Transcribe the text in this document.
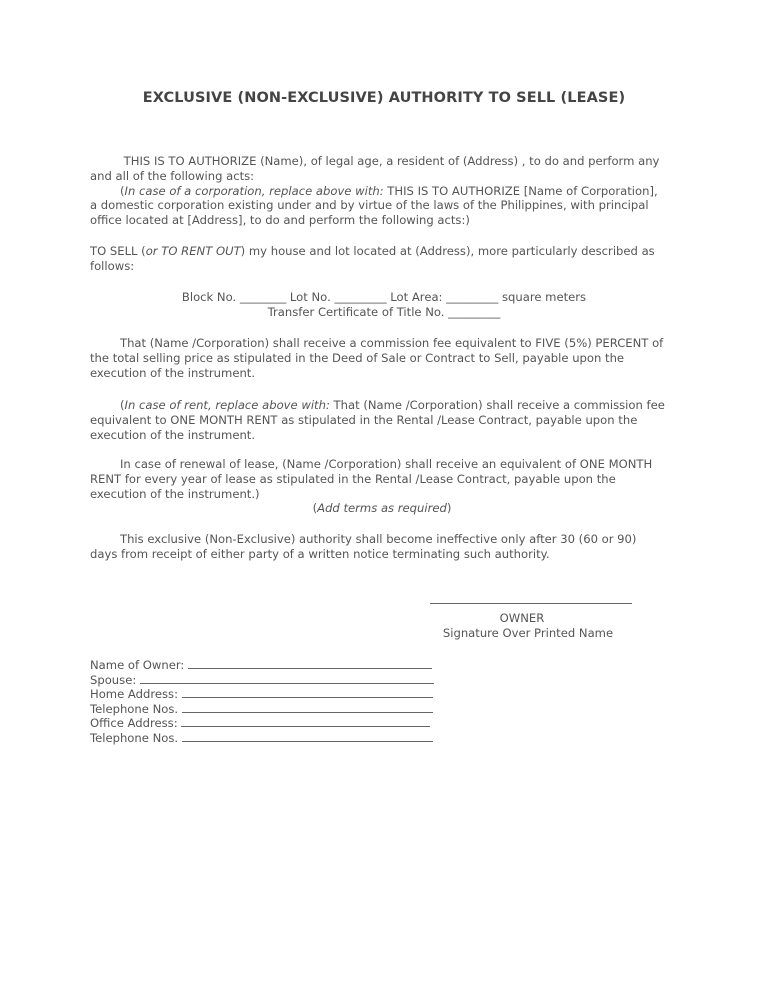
EXCLUSIVE (NON-EXCLUSIVE) AUTHORITY TO SELL (LEASE)

THIS IS TO AUTHORIZE (Name), of legal age, a resident of (Address) , to do and perform any

and all of the following acts:

(In case of a corporation, replace above with: THIS IS TO AUTHORIZE [Name of Corporation],

a domestic corporation existing under and by virtue of the laws of the Philippines, with principal

office located at [Address], to do and perform the following acts:)

TO SELL (or TO RENT OUT) my house and lot located at (Address), more particularly described as

follows:

Block No. ________ Lot No. _________ Lot Area: _________ square meters

Transfer Certificate of Title No. _________

That (Name /Corporation) shall receive a commission fee equivalent to FIVE (5%) PERCENT of

the total selling price as stipulated in the Deed of Sale or Contract to Sell, payable upon the

execution of the instrument.

(In case of rent, replace above with: That (Name /Corporation) shall receive a commission fee

equivalent to ONE MONTH RENT as stipulated in the Rental /Lease Contract, payable upon the

execution of the instrument.

In case of renewal of lease, (Name /Corporation) shall receive an equivalent of ONE MONTH

RENT for every year of lease as stipulated in the Rental /Lease Contract, payable upon the

execution of the instrument.)

(Add terms as required)

This exclusive (Non-Exclusive) authority shall become ineffective only after 30 (60 or 90)

days from receipt of either party of a written notice terminating such authority.

OWNER
Signature Over Printed Name
Name of Owner:
Spouse:
Home Address:
Telephone Nos.
Office Address:
Telephone Nos.
